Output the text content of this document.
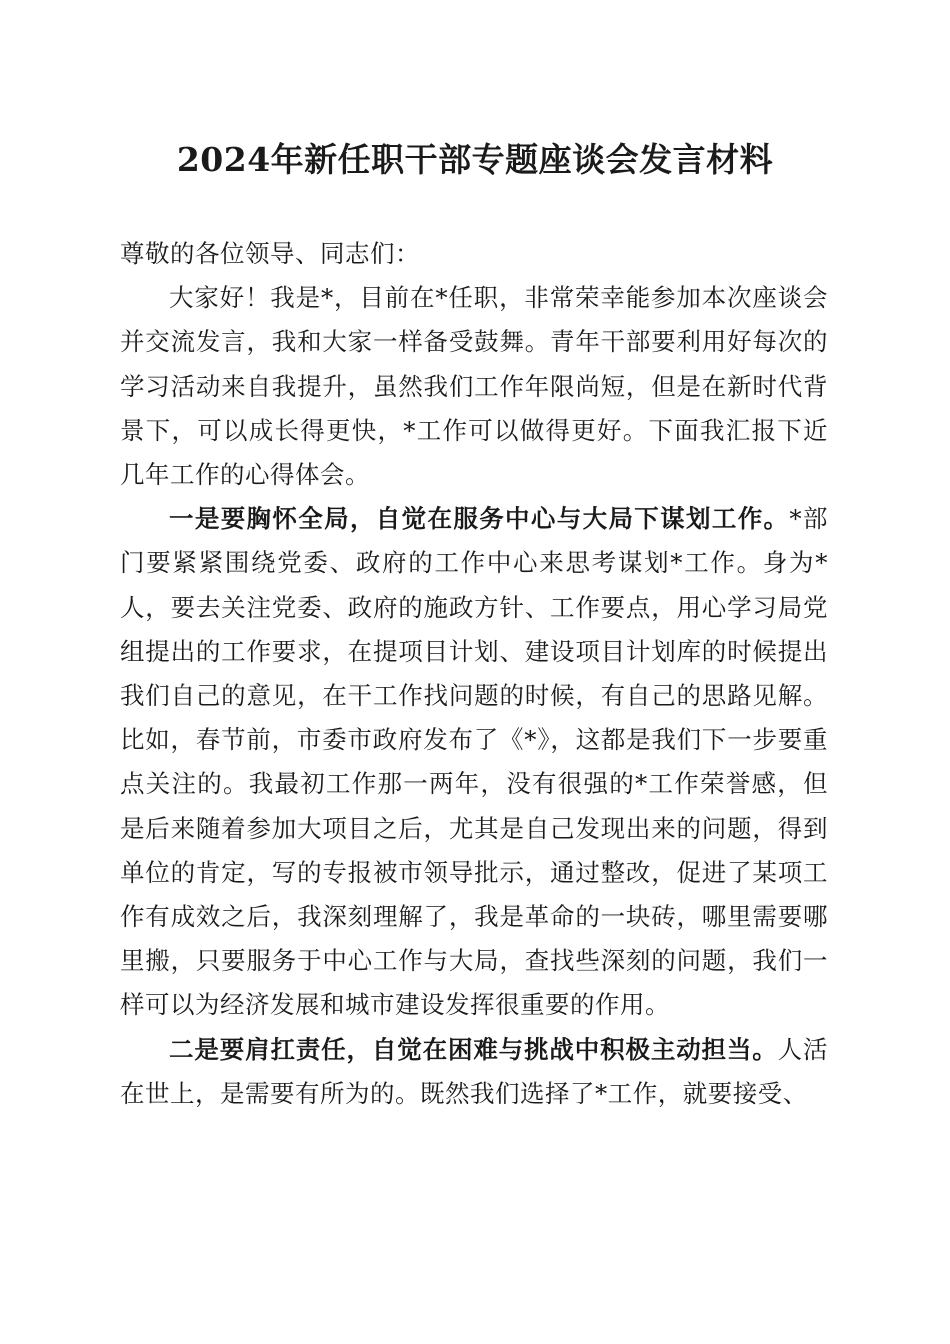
2024年新任职干部专题座谈会发言材料

尊敬的各位领导、同志们：

大家好！我是*，目前在*任职，非常荣幸能参加本次座谈会并交流发言，我和大家一样备受鼓舞。青年干部要利用好每次的学习活动来自我提升，虽然我们工作年限尚短，但是在新时代背景下，可以成长得更快，*工作可以做得更好。下面我汇报下近几年工作的心得体会。

一是要胸怀全局，自觉在服务中心与大局下谋划工作。*部门要紧紧围绕党委、政府的工作中心来思考谋划*工作。身为*人，要去关注党委、政府的施政方针、工作要点，用心学习局党组提出的工作要求，在提项目计划、建设项目计划库的时候提出我们自己的意见，在干工作找问题的时候，有自己的思路见解。比如，春节前，市委市政府发布了《*》，这都是我们下一步要重点关注的。我最初工作那一两年，没有很强的*工作荣誉感，但是后来随着参加大项目之后，尤其是自己发现出来的问题，得到单位的肯定，写的专报被市领导批示，通过整改，促进了某项工作有成效之后，我深刻理解了，我是革命的一块砖，哪里需要哪里搬，只要服务于中心工作与大局，查找些深刻的问题，我们一样可以为经济发展和城市建设发挥很重要的作用。

二是要肩扛责任，自觉在困难与挑战中积极主动担当。人活在世上，是需要有所为的。既然我们选择了*工作，就要接受、
